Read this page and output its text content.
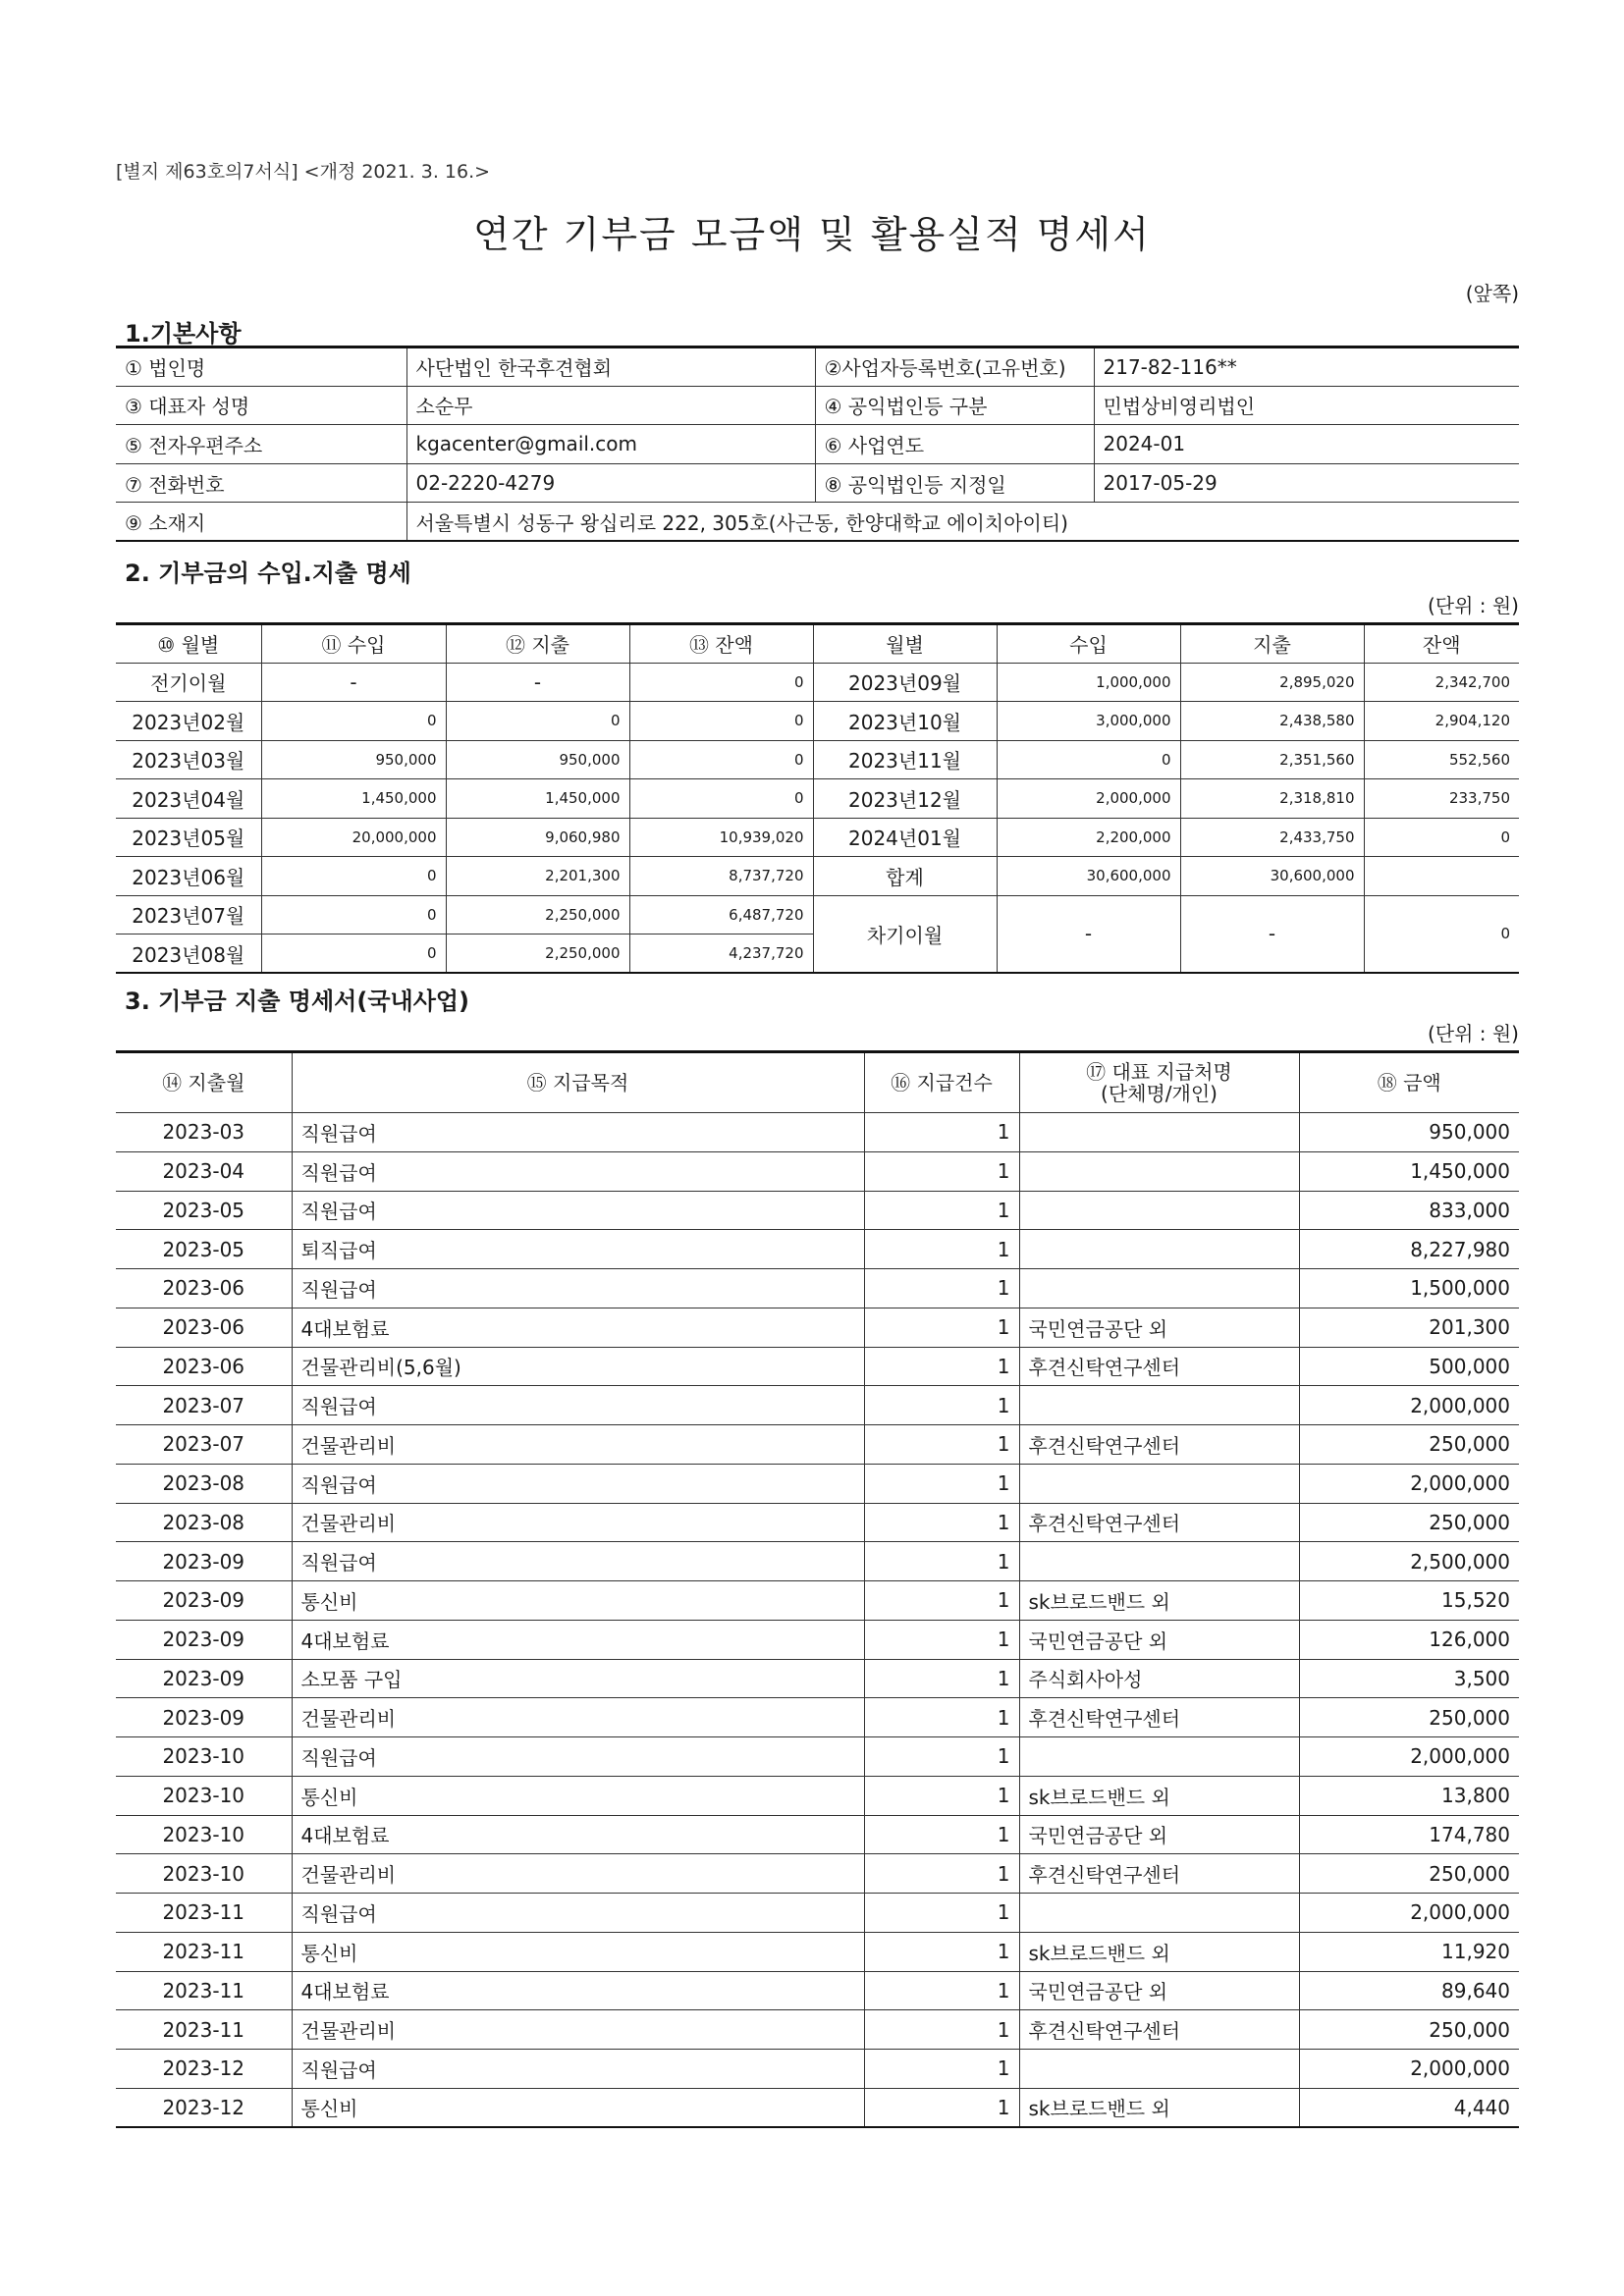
[별지 제63호의7서식] <개정 2021. 3. 16.>
연간 기부금 모금액 및 활용실적 명세서
(앞쪽)
1.기본사항
① 법인명	사단법인 한국후견협회	②사업자등록번호(고유번호)	217-82-116**
③ 대표자 성명	소순무	④ 공익법인등 구분	민법상비영리법인
⑤ 전자우편주소	kgacenter@gmail.com	⑥ 사업연도	2024-01
⑦ 전화번호	02-2220-4279	⑧ 공익법인등 지정일	2017-05-29
⑨ 소재지	서울특별시 성동구 왕십리로 222, 305호(사근동, 한양대학교 에이치아이티)		
2. 기부금의 수입.지출 명세
(단위 : 원)
⑩ 월별	⑪ 수입	⑫ 지출	⑬ 잔액	월별	수입	지출	잔액
전기이월	-	-	0	2023년09월	1,000,000	2,895,020	2,342,700
2023년02월	0	0	0	2023년10월	3,000,000	2,438,580	2,904,120
2023년03월	950,000	950,000	0	2023년11월	0	2,351,560	552,560
2023년04월	1,450,000	1,450,000	0	2023년12월	2,000,000	2,318,810	233,750
2023년05월	20,000,000	9,060,980	10,939,020	2024년01월	2,200,000	2,433,750	0
2023년06월	0	2,201,300	8,737,720	합계	30,600,000	30,600,000	
2023년07월	0	2,250,000	6,487,720	차기이월	-	-	0
2023년08월	0	2,250,000	4,237,720				
3. 기부금 지출 명세서(국내사업)
(단위 : 원)
⑭ 지출월	⑮ 지급목적	⑯ 지급건수	⑰ 대표 지급처명
(단체명/개인)	⑱ 금액
2023-03	직원급여	1		950,000
2023-04	직원급여	1		1,450,000
2023-05	직원급여	1		833,000
2023-05	퇴직급여	1		8,227,980
2023-06	직원급여	1		1,500,000
2023-06	4대보험료	1	국민연금공단 외	201,300
2023-06	건물관리비(5,6월)	1	후견신탁연구센터	500,000
2023-07	직원급여	1		2,000,000
2023-07	건물관리비	1	후견신탁연구센터	250,000
2023-08	직원급여	1		2,000,000
2023-08	건물관리비	1	후견신탁연구센터	250,000
2023-09	직원급여	1		2,500,000
2023-09	통신비	1	sk브로드밴드 외	15,520
2023-09	4대보험료	1	국민연금공단 외	126,000
2023-09	소모품 구입	1	주식회사아성	3,500
2023-09	건물관리비	1	후견신탁연구센터	250,000
2023-10	직원급여	1		2,000,000
2023-10	통신비	1	sk브로드밴드 외	13,800
2023-10	4대보험료	1	국민연금공단 외	174,780
2023-10	건물관리비	1	후견신탁연구센터	250,000
2023-11	직원급여	1		2,000,000
2023-11	통신비	1	sk브로드밴드 외	11,920
2023-11	4대보험료	1	국민연금공단 외	89,640
2023-11	건물관리비	1	후견신탁연구센터	250,000
2023-12	직원급여	1		2,000,000
2023-12	통신비	1	sk브로드밴드 외	4,440
